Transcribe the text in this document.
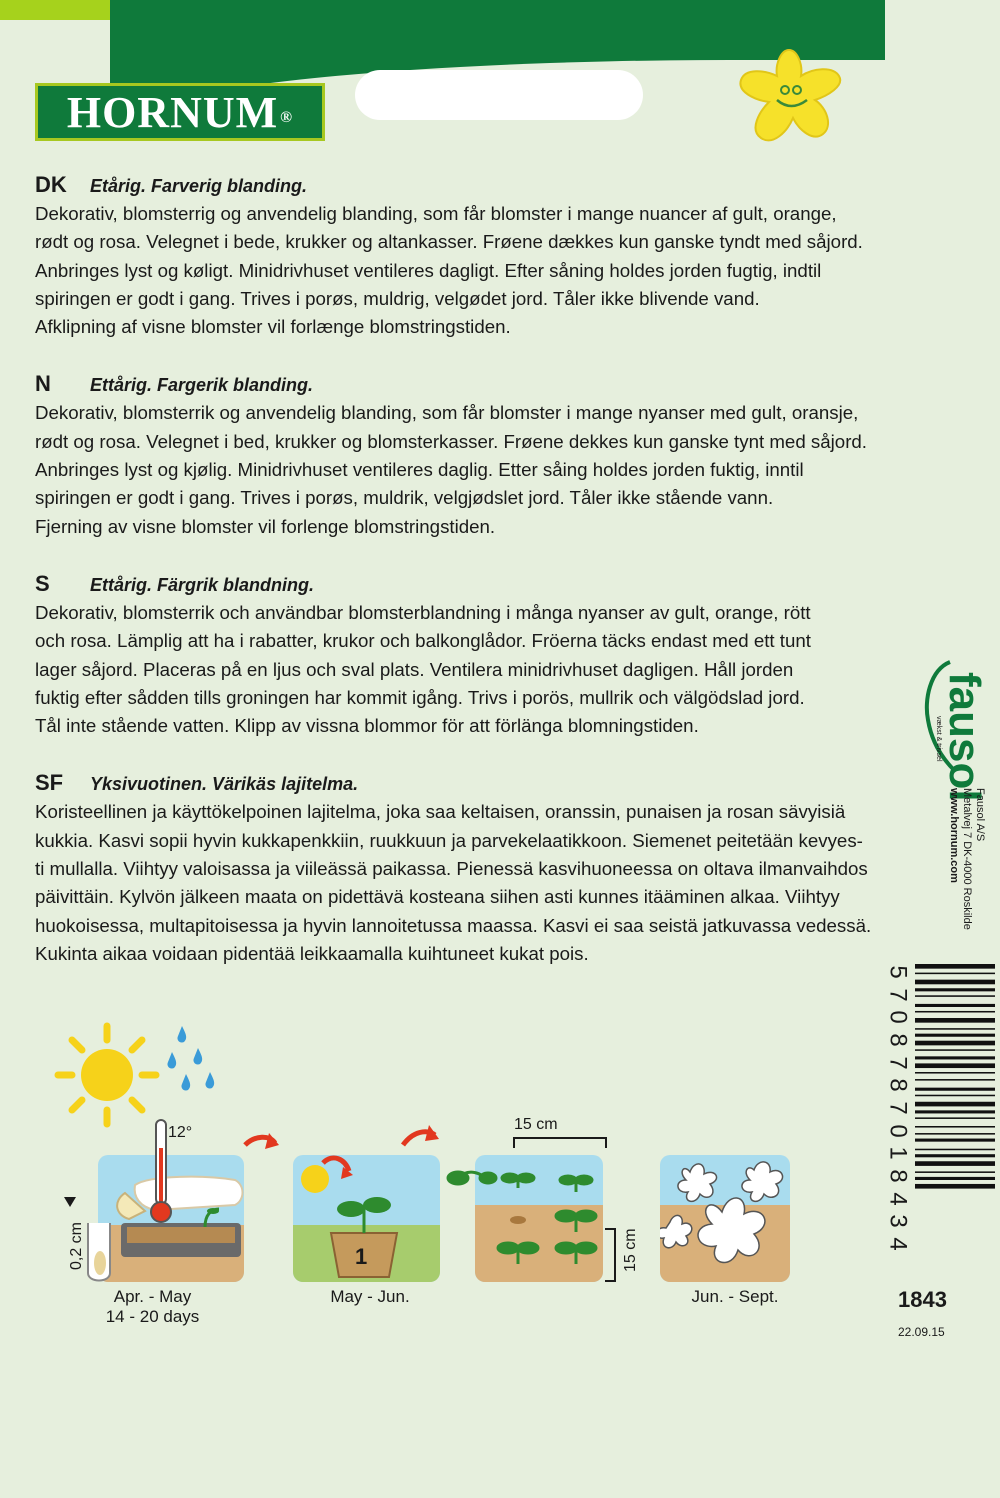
HORNUM®
DK	Etårig. Farverig blanding.
Dekorativ, blomsterrig og anvendelig blanding, som får blomster i mange nuancer af gult, orange,
rødt og rosa. Velegnet i bede, krukker og altankasser. Frøene dækkes kun ganske tyndt med såjord.
Anbringes lyst og køligt. Minidrivhuset ventileres dagligt. Efter såning holdes jorden fugtig, indtil
spiringen er godt i gang. Trives i porøs, muldrig, velgødet jord. Tåler ikke blivende vand.
Afklipning af visne blomster vil forlænge blomstringstiden.
N	Ettårig. Fargerik blanding.
Dekorativ, blomsterrik og anvendelig blanding, som får blomster i mange nyanser med gult, oransje,
rødt og rosa. Velegnet i bed, krukker og blomsterkasser. Frøene dekkes kun ganske tynt med såjord.
Anbringes lyst og kjølig. Minidrivhuset ventileres daglig. Etter såing holdes jorden fuktig, inntil
spiringen er godt i gang. Trives i porøs, muldrik, velgjødslet jord. Tåler ikke stående vann.
Fjerning av visne blomster vil forlenge blomstringstiden.
S	Ettårig. Färgrik blandning.
Dekorativ, blomsterrik och användbar blomsterblandning i många nyanser av gult, orange, rött
och rosa. Lämplig att ha i rabatter, krukor och balkonglådor. Fröerna täcks endast med ett tunt
lager såjord. Placeras på en ljus och sval plats. Ventilera minidrivhuset dagligen. Håll jorden
fuktig efter sådden tills groningen har kommit igång. Trivs i porös, mullrik och välgödslad jord.
Tål inte stående vatten. Klipp av vissna blommor för att förlänga blomningstiden.
SF	Yksivuotinen. Värikäs lajitelma.
Koristeellinen ja käyttökelpoinen lajitelma, joka saa keltaisen, oranssin, punaisen ja rosan sävyisiä
kukkia. Kasvi sopii hyvin kukkapenkkiin, ruukkuun ja parvekelaatikkoon. Siemenet peitetään kevyes-
ti mullalla. Viihtyy valoisassa ja viileässä paikassa. Pienessä kasvihuoneessa on oltava ilmanvaihdos
päivittäin. Kylvön jälkeen maata on pidettävä kosteana siihen asti kunnes itääminen alkaa. Viihtyy
huokoisessa, multapitoisessa ja hyvin lannoitetussa maassa. Kasvi ei saa seistä jatkuvassa vedessä.
Kukinta aikaa voidaan pidentää leikkaamalla kuihtuneet kukat pois.
fausol
vækst & trivsel
Fausol A/S
Metalvej 7 DK-4000 Roskilde
www.hornum.com
5
7
0
8
7
8
7
0
1
8
4
3
4
1843
22.09.15
12°
0,2 cm
Apr. - May
14 - 20 days
1
May - Jun.
15 cm
15 cm
Jun. - Sept.
